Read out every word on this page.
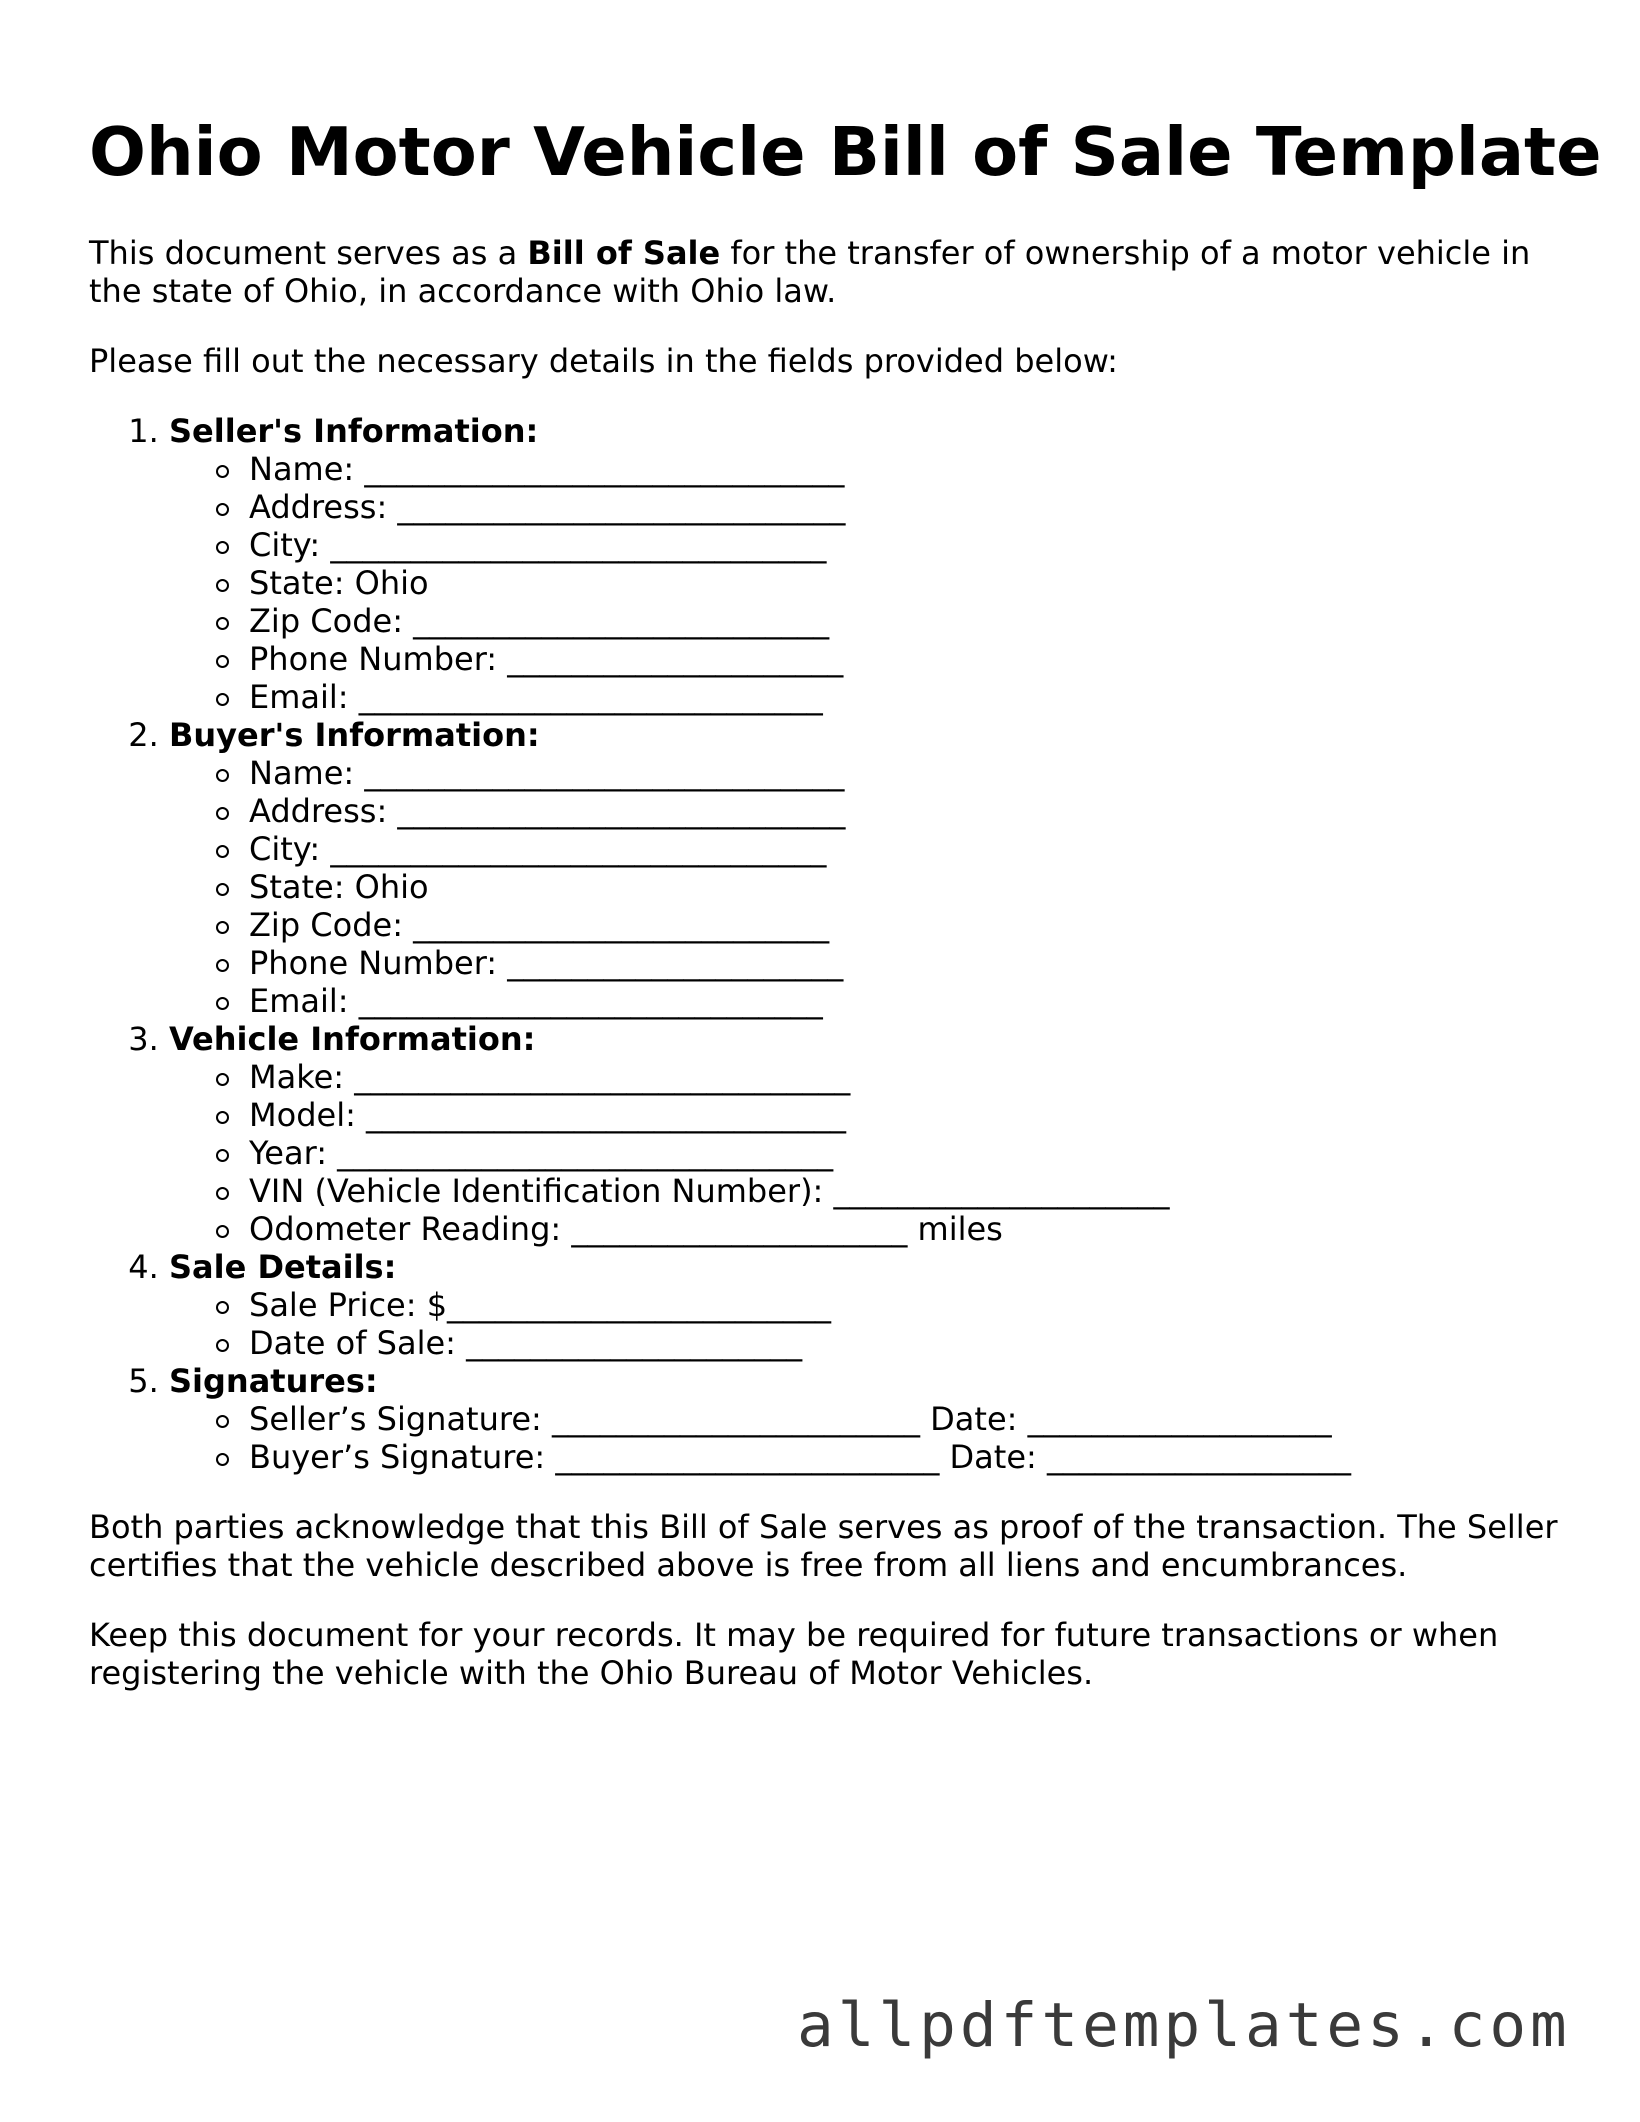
Ohio Motor Vehicle Bill of Sale Template

This document serves as a Bill of Sale for the transfer of ownership of a motor vehicle in the state of Ohio, in accordance with Ohio law.

Please fill out the necessary details in the fields provided below:

1. Seller's Information:
Name: ______________________________
Address: ____________________________
City: _______________________________
State: Ohio
Zip Code: __________________________
Phone Number: _____________________
Email: _____________________________
2. Buyer's Information:
Name: ______________________________
Address: ____________________________
City: _______________________________
State: Ohio
Zip Code: __________________________
Phone Number: _____________________
Email: _____________________________
3. Vehicle Information:
Make: _______________________________
Model: ______________________________
Year: _______________________________
VIN (Vehicle Identification Number): _____________________
Odometer Reading: _____________________ miles
4. Sale Details:
Sale Price: $________________________
Date of Sale: _____________________
5. Signatures:
Seller’s Signature: _______________________ Date: ___________________
Buyer’s Signature: ________________________ Date: ___________________

Both parties acknowledge that this Bill of Sale serves as proof of the transaction. The Seller certifies that the vehicle described above is free from all liens and encumbrances.

Keep this document for your records. It may be required for future transactions or when registering the vehicle with the Ohio Bureau of Motor Vehicles.

allpdftemplates.com
